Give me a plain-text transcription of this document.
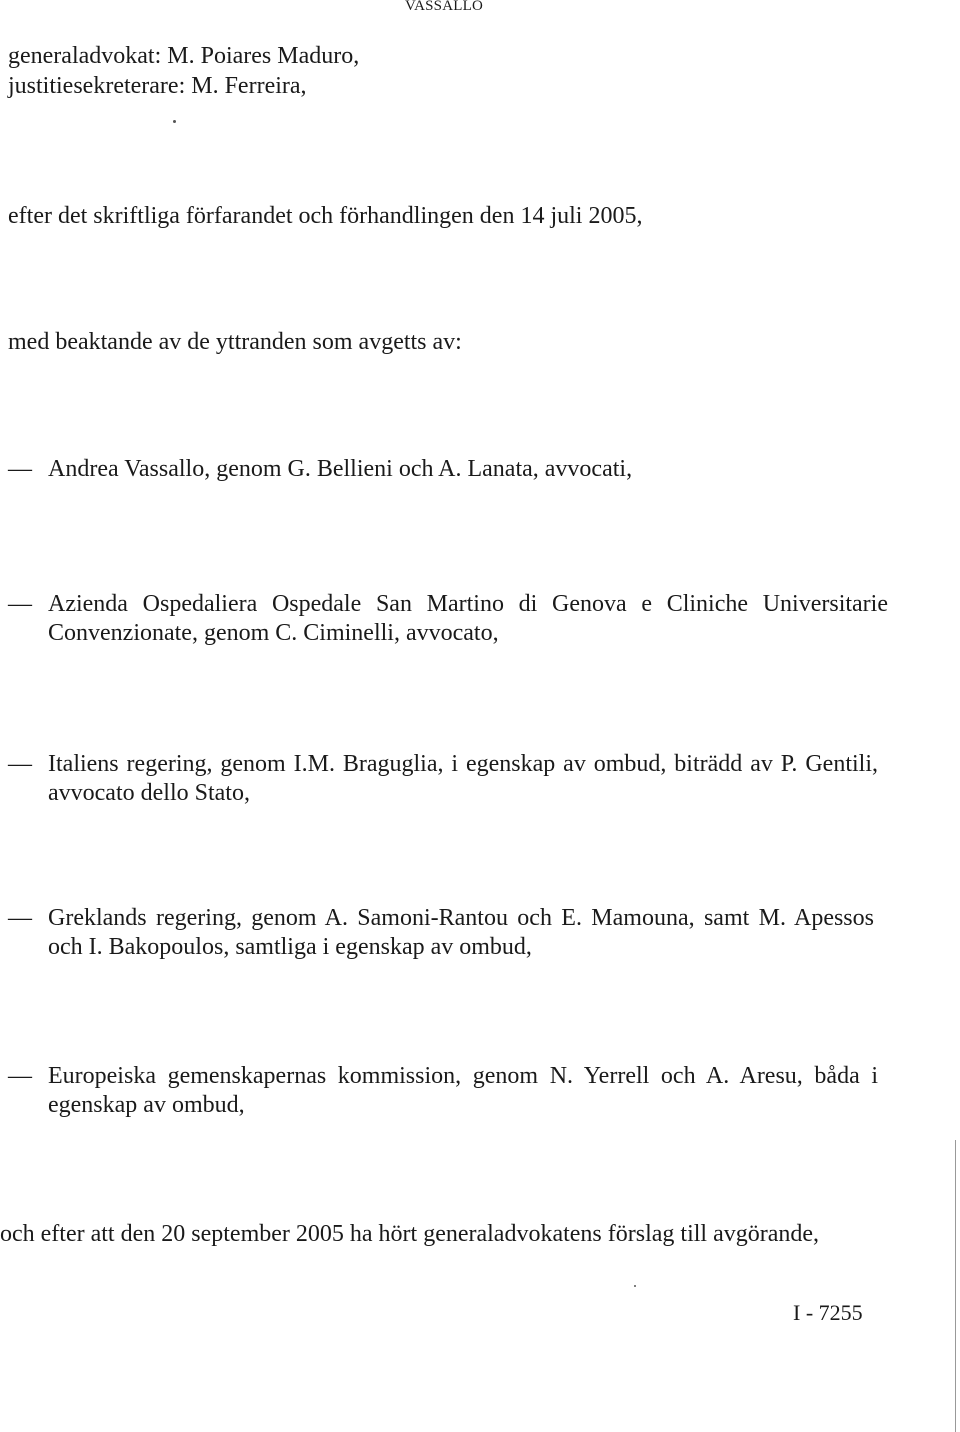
VASSALLO
generaladvokat: M. Poiares Maduro,
justitiesekreterare: M. Ferreira,
efter det skriftliga förfarandet och förhandlingen den 14 juli 2005,
med beaktande av de yttranden som avgetts av:
— Andrea Vassallo, genom G. Bellieni och A. Lanata, avvocati,
— Azienda Ospedaliera Ospedale San Martino di Genova e Cliniche Universitarie Convenzionate, genom C. Ciminelli, avvocato,
— Italiens regering, genom I.M. Braguglia, i egenskap av ombud, biträdd av P. Gentili, avvocato dello Stato,
— Greklands regering, genom A. Samoni-Rantou och E. Mamouna, samt M. Apessos och I. Bakopoulos, samtliga i egenskap av ombud,
— Europeiska gemenskapernas kommission, genom N. Yerrell och A. Aresu, båda i egenskap av ombud,
och efter att den 20 september 2005 ha hört generaladvokatens förslag till avgörande,
I - 7255
